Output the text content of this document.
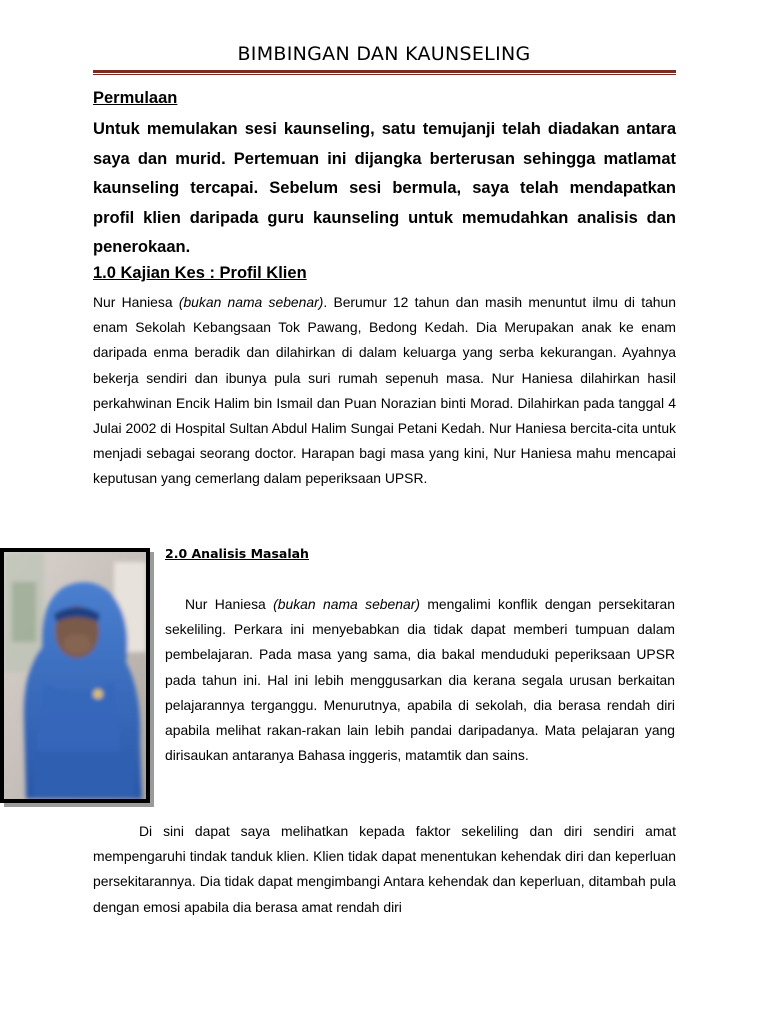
BIMBINGAN DAN KAUNSELING
Permulaan

Untuk memulakan sesi kaunseling, satu temujanji telah diadakan antara saya dan murid. Pertemuan ini dijangka berterusan sehingga matlamat kaunseling tercapai. Sebelum sesi bermula, saya telah mendapatkan profil klien daripada guru kaunseling untuk memudahkan analisis dan penerokaan.

1.0 Kajian Kes : Profil Klien

Nur Haniesa (bukan nama sebenar). Berumur 12 tahun dan masih menuntut ilmu di tahun enam Sekolah Kebangsaan Tok Pawang, Bedong Kedah. Dia Merupakan anak ke enam daripada enma beradik dan dilahirkan di dalam keluarga yang serba kekurangan. Ayahnya bekerja sendiri dan ibunya pula suri rumah sepenuh masa. Nur Haniesa dilahirkan hasil perkahwinan Encik Halim bin Ismail dan Puan Norazian binti Morad. Dilahirkan pada tanggal 4 Julai 2002 di Hospital Sultan Abdul Halim Sungai Petani Kedah. Nur Haniesa bercita-cita untuk menjadi sebagai seorang doctor. Harapan bagi masa yang kini, Nur Haniesa mahu mencapai keputusan yang cemerlang dalam peperiksaan UPSR.

2.0 Analisis Masalah

Nur Haniesa (bukan nama sebenar) mengalimi konflik dengan persekitaran sekeliling. Perkara ini menyebabkan dia tidak dapat memberi tumpuan dalam pembelajaran. Pada masa yang sama, dia bakal menduduki peperiksaan UPSR pada tahun ini. Hal ini lebih menggusarkan dia kerana segala urusan berkaitan pelajarannya terganggu. Menurutnya, apabila di sekolah, dia berasa rendah diri apabila melihat rakan-rakan lain lebih pandai daripadanya. Mata pelajaran yang dirisaukan antaranya Bahasa inggeris, matamtik dan sains.

Di sini dapat saya melihatkan kepada faktor sekeliling dan diri sendiri amat mempengaruhi tindak tanduk klien. Klien tidak dapat menentukan kehendak diri dan keperluan persekitarannya. Dia tidak dapat mengimbangi Antara kehendak dan keperluan, ditambah pula dengan emosi apabila dia berasa amat rendah diri
